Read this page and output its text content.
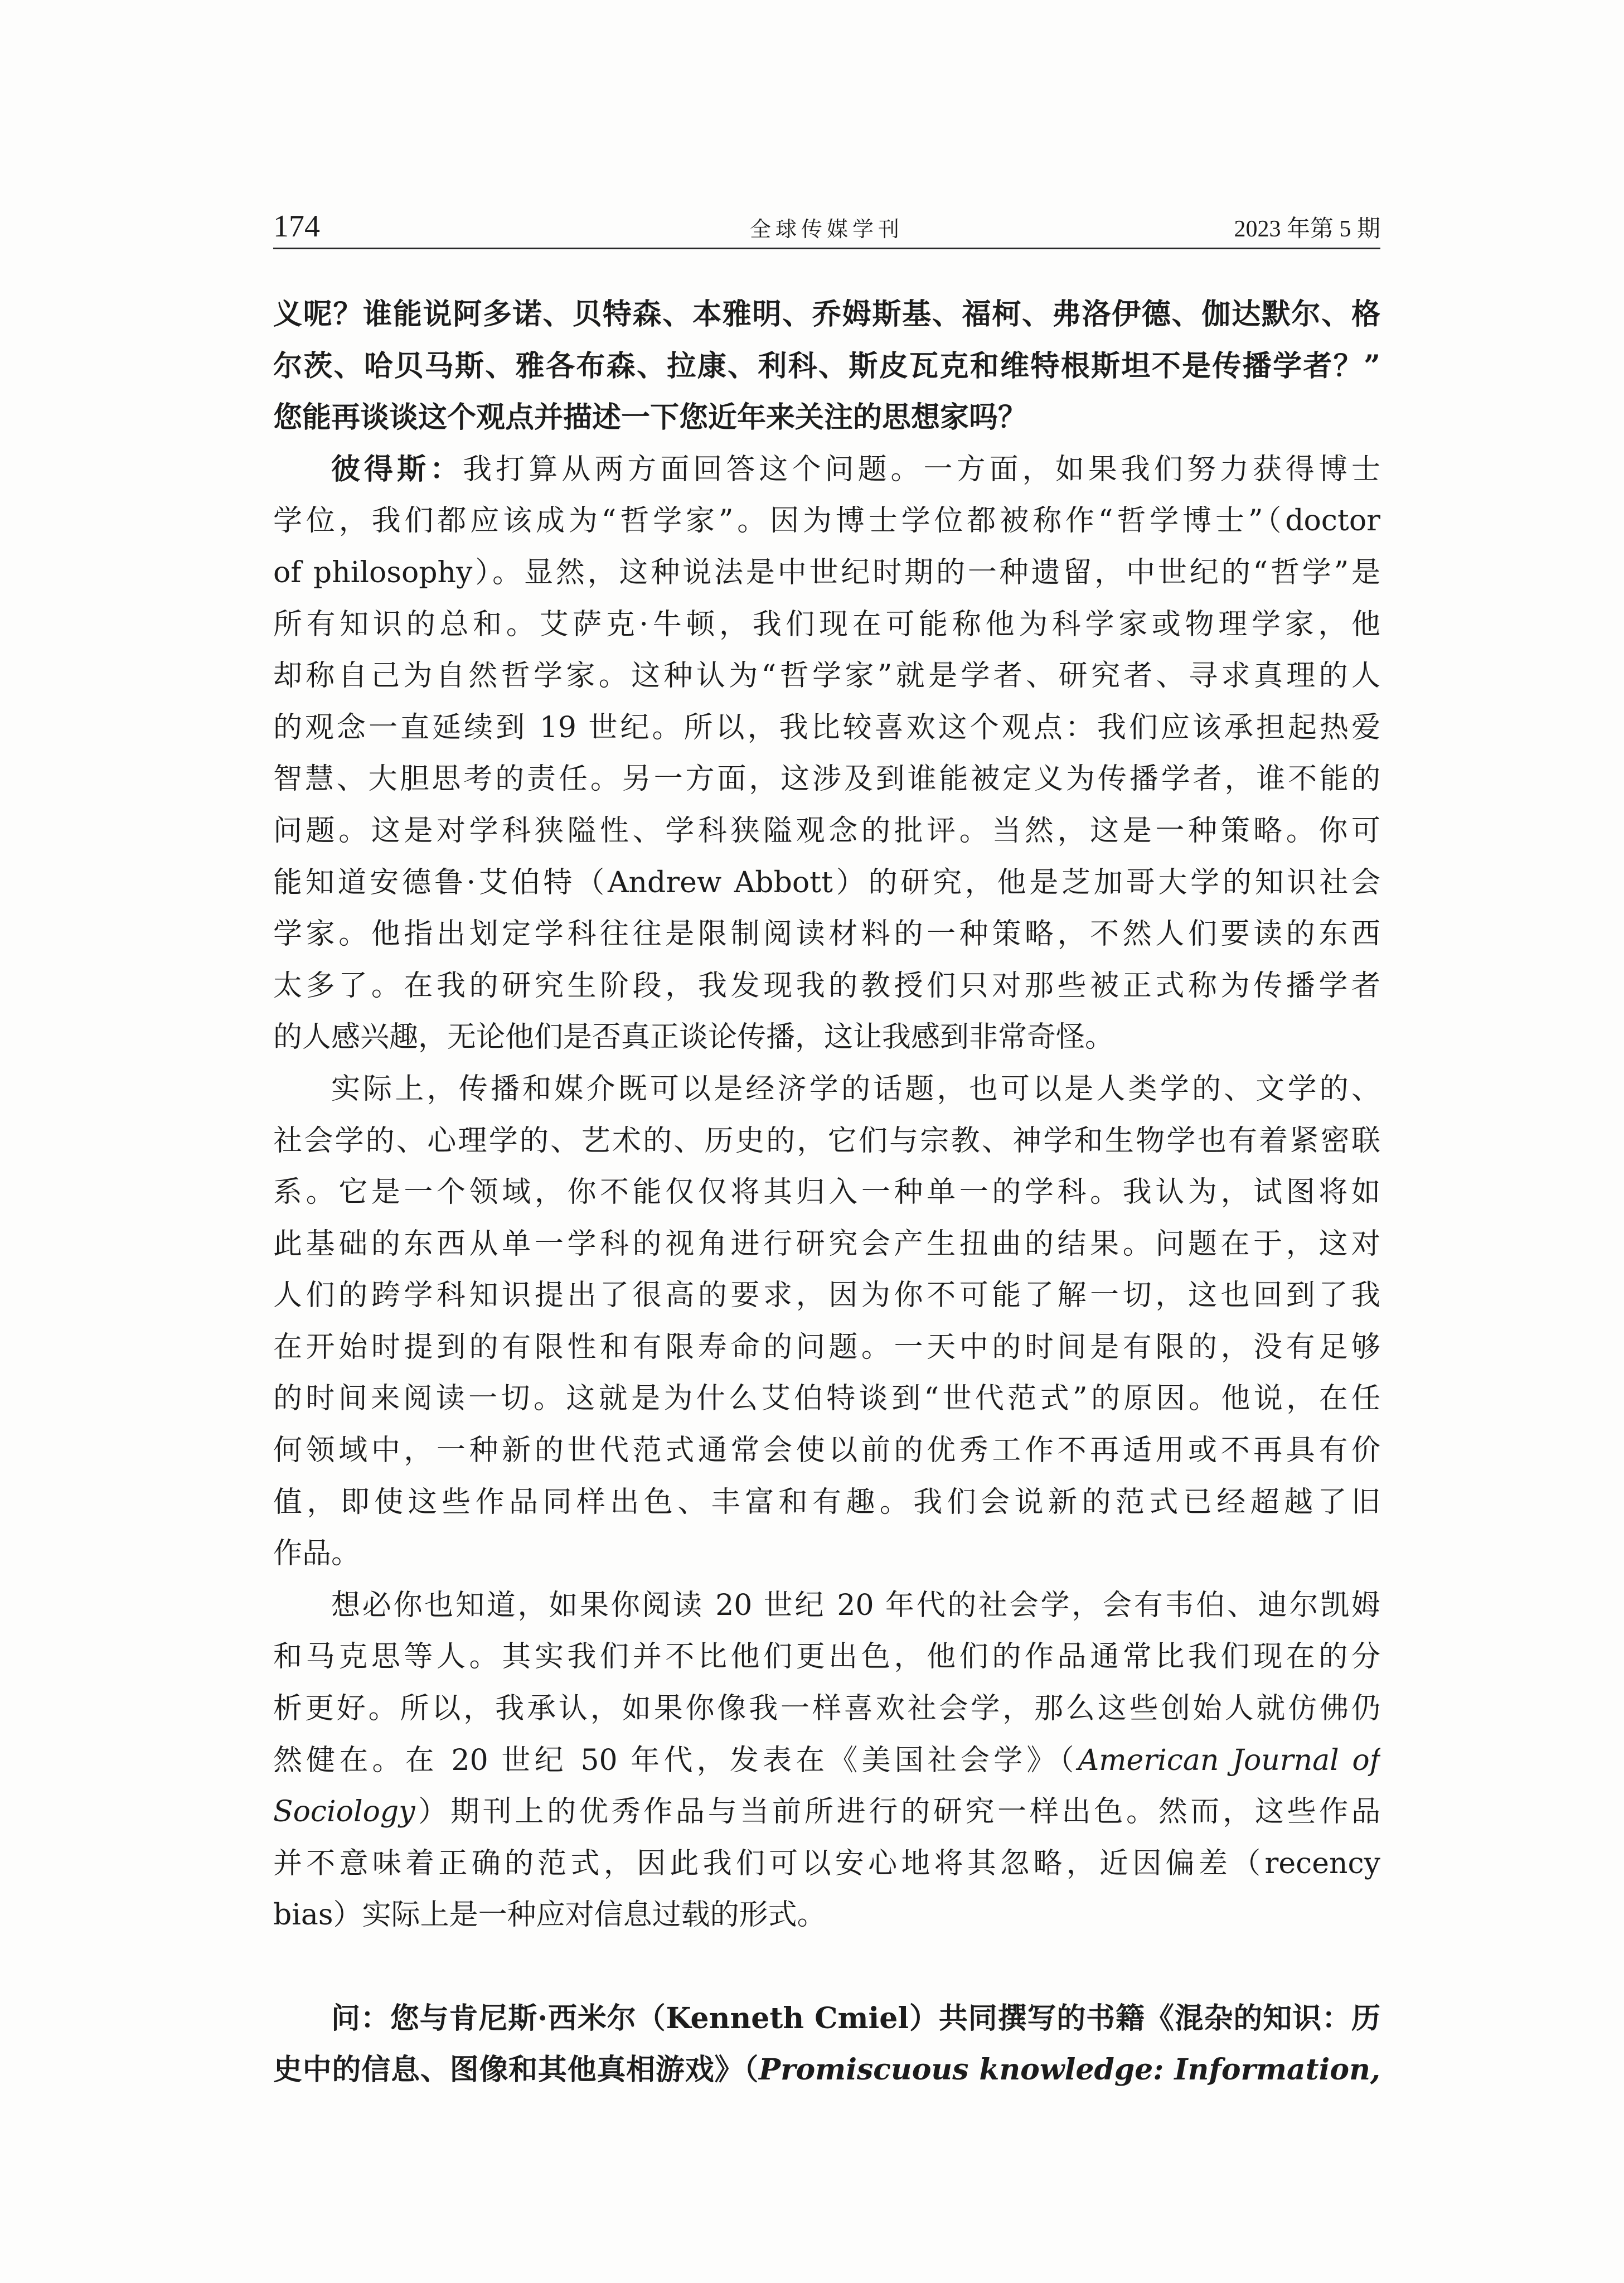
174	全球传媒学刊	2023 年第 5 期
义呢？谁能说阿多诺、贝特森、本雅明、乔姆斯基、福柯、弗洛伊德、伽达默尔、格
尔茨、哈贝马斯、雅各布森、拉康、利科、斯皮瓦克和维特根斯坦不是传播学者？”
您能再谈谈这个观点并描述一下您近年来关注的思想家吗？
彼得斯：我打算从两方面回答这个问题。一方面，如果我们努力获得博士
学位，我们都应该成为“哲学家”。因为博士学位都被称作“哲学博士”（doctor
of philosophy）。显然，这种说法是中世纪时期的一种遗留，中世纪的“哲学”是
所有知识的总和。艾萨克·牛顿，我们现在可能称他为科学家或物理学家，他
却称自己为自然哲学家。这种认为“哲学家”就是学者、研究者、寻求真理的人
的观念一直延续到 19 世纪。所以，我比较喜欢这个观点：我们应该承担起热爱
智慧、大胆思考的责任。另一方面，这涉及到谁能被定义为传播学者，谁不能的
问题。这是对学科狭隘性、学科狭隘观念的批评。当然，这是一种策略。你可
能知道安德鲁·艾伯特（Andrew Abbott）的研究，他是芝加哥大学的知识社会
学家。他指出划定学科往往是限制阅读材料的一种策略，不然人们要读的东西
太多了。在我的研究生阶段，我发现我的教授们只对那些被正式称为传播学者
的人感兴趣，无论他们是否真正谈论传播，这让我感到非常奇怪。
实际上，传播和媒介既可以是经济学的话题，也可以是人类学的、文学的、
社会学的、心理学的、艺术的、历史的，它们与宗教、神学和生物学也有着紧密联
系。它是一个领域，你不能仅仅将其归入一种单一的学科。我认为，试图将如
此基础的东西从单一学科的视角进行研究会产生扭曲的结果。问题在于，这对
人们的跨学科知识提出了很高的要求，因为你不可能了解一切，这也回到了我
在开始时提到的有限性和有限寿命的问题。一天中的时间是有限的，没有足够
的时间来阅读一切。这就是为什么艾伯特谈到“世代范式”的原因。他说，在任
何领域中，一种新的世代范式通常会使以前的优秀工作不再适用或不再具有价
值，即使这些作品同样出色、丰富和有趣。我们会说新的范式已经超越了旧
作品。
想必你也知道，如果你阅读 20 世纪 20 年代的社会学，会有韦伯、迪尔凯姆
和马克思等人。其实我们并不比他们更出色，他们的作品通常比我们现在的分
析更好。所以，我承认，如果你像我一样喜欢社会学，那么这些创始人就仿佛仍
然健在。在 20 世纪 50 年代，发表在《美国社会学》（American Journal of
Sociology）期刊上的优秀作品与当前所进行的研究一样出色。然而，这些作品
并不意味着正确的范式，因此我们可以安心地将其忽略，近因偏差（recency
bias）实际上是一种应对信息过载的形式。
问：您与肯尼斯·西米尔（Kenneth Cmiel）共同撰写的书籍《混杂的知识：历
史中的信息、图像和其他真相游戏》（Promiscuous knowledge: Information,
